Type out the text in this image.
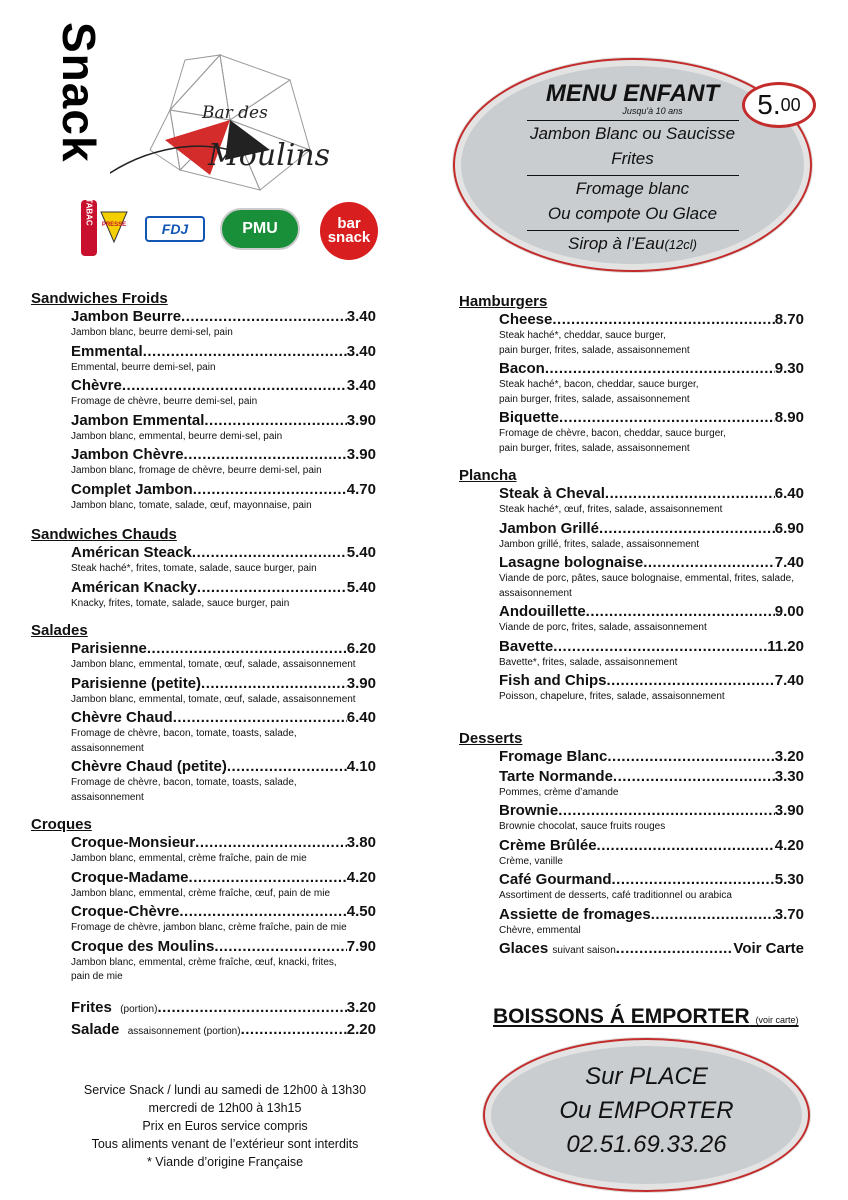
Snack	Bar des
Moulins
TABAC PRESSE	FDJ	PMU	bar
snack
MENU ENFANT
Jusqu'à 10 ans
Jambon Blanc ou Saucisse
Frites
Fromage blanc
Ou compote Ou Glace
Sirop à l’Eau(12cl)
5. 00
Sandwiches Froids
Jambon Beurre .....	3.40
Jambon blanc, beurre demi-sel, pain
Emmental .....	3.40
Emmental, beurre demi-sel, pain
Chèvre .....	3.40
Fromage de chèvre, beurre demi-sel, pain
Jambon Emmental .....	3.90
Jambon blanc, emmental, beurre demi-sel, pain
Jambon Chèvre .....	3.90
Jambon blanc, fromage de chèvre, beurre demi-sel, pain
Complet Jambon .....	4.70
Jambon blanc, tomate, salade, œuf, mayonnaise, pain
Sandwiches Chauds
Américan Steack .....	5.40
Steak haché*, frites, tomate, salade, sauce burger, pain
Américan Knacky .....	5.40
Knacky, frites, tomate, salade, sauce burger, pain
Salades
Parisienne .....	6.20
Jambon blanc, emmental, tomate, œuf, salade, assaisonnement
Parisienne (petite) .....	3.90
Jambon blanc, emmental, tomate, œuf, salade, assaisonnement
Chèvre Chaud .....	6.40
Fromage de chèvre, bacon, tomate, toasts, salade,
assaisonnement
Chèvre Chaud (petite) .....	4.10
Fromage de chèvre, bacon, tomate, toasts, salade,
assaisonnement
Croques
Croque-Monsieur .....	3.80
Jambon blanc, emmental, crème fraîche, pain de mie
Croque-Madame .....	4.20
Jambon blanc, emmental, crème fraîche, œuf, pain de mie
Croque-Chèvre .....	4.50
Fromage de chèvre, jambon blanc, crème fraîche, pain de mie
Croque des Moulins .....	7.90
Jambon blanc, emmental, crème fraîche, œuf, knacki, frites,
pain de mie
Frites
(portion) .....	3.20
Salade
assaisonnement (portion) .....	2.20
Hamburgers
Cheese .....	8.70
Steak haché*, cheddar, sauce burger,
pain burger, frites, salade, assaisonnement
Bacon .....	9.30
Steak haché*, bacon, cheddar, sauce burger,
pain burger, frites, salade, assaisonnement
Biquette .....	8.90
Fromage de chèvre, bacon, cheddar, sauce burger,
pain burger, frites, salade, assaisonnement
Plancha
Steak à Cheval .....	6.40
Steak haché*, œuf, frites, salade, assaisonnement
Jambon Grillé .....	6.90
Jambon grillé, frites, salade, assaisonnement
Lasagne bolognaise .....	7.40
Viande de porc, pâtes, sauce bolognaise, emmental, frites, salade,
assaisonnement
Andouillette .....	9.00
Viande de porc, frites, salade, assaisonnement
Bavette .....	11.20
Bavette*, frites, salade, assaisonnement
Fish and Chips .....	7.40
Poisson, chapelure, frites, salade, assaisonnement
Desserts
Fromage Blanc .....	3.20
Tarte Normande .....	3.30
Pommes, crème d’amande
Brownie .....	3.90
Brownie chocolat, sauce fruits rouges
Crème Brûlée .....	4.20
Crème, vanille
Café Gourmand .....	5.30
Assortiment de desserts, café traditionnel ou arabica
Assiette de fromages .....	3.70
Chèvre, emmental
Glaces
suivant saison .....	Voir Carte
BOISSONS Á EMPORTER (voir carte)
Sur PLACE
Ou EMPORTER
02.51.69.33.26
Service Snack / lundi au samedi de 12h00 à 13h30
mercredi de 12h00 à 13h15
Prix en Euros service compris
Tous aliments venant de l’extérieur sont interdits
* Viande d’origine Française
